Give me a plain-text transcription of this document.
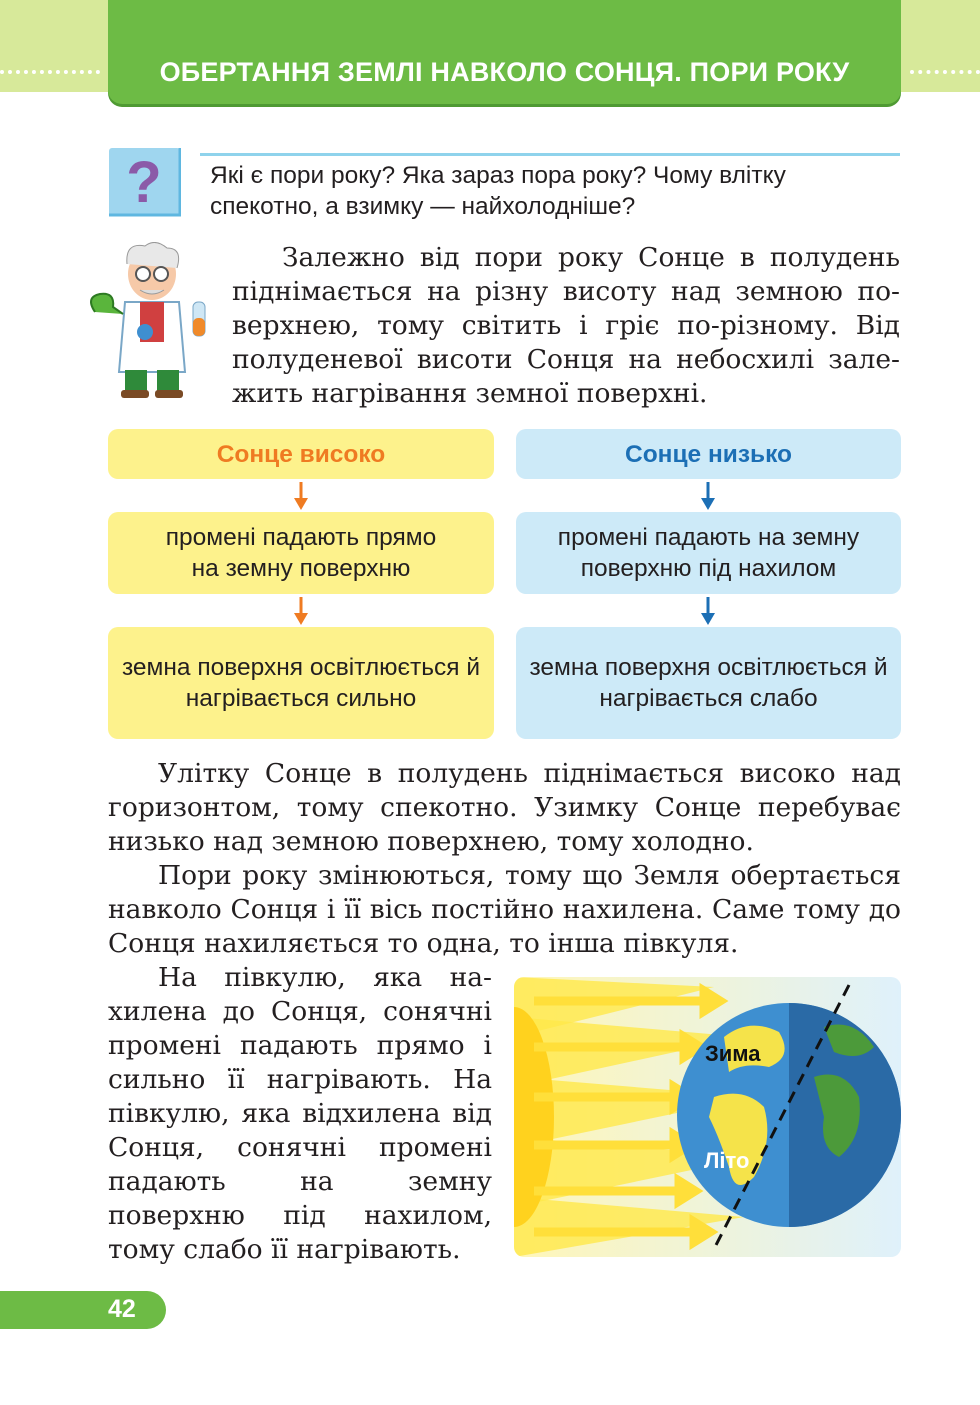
ОБЕРТАННЯ ЗЕМЛІ НАВКОЛО СОНЦЯ. ПОРИ РОКУ
? Які є пори року? Яка зараз пора року? Чому влітку спекотно, а взимку — найхолодніше?
Залежно від пори року Сонце в полудень піднімається на різну висоту над земною поверхнею, тому світить і гріє по-різному. Від полуденевої висоти Сонця на небосхилі залежить нагрівання земної поверхні.
Сонце високо
промені падають прямо на земну поверхню
земна поверхня освітлюється й нагрівається сильно
Сонце низько
промені падають на земну поверхню під нахилом
земна поверхня освітлюється й нагрівається слабо
Улітку Сонце в полудень піднімається високо над горизонтом, тому спекотно. Узимку Сонце перебуває низько над земною поверхнею, тому холодно.
Пори року змінюються, тому що Земля обертається навколо Сонця і її вісь постійно нахилена. Саме тому до Сонця нахиляється то одна, то інша півкуля.
На півкулю, яка нахилена до Сонця, сонячні промені падають прямо і сильно її нагрівають. На півкулю, яка відхилена від Сонця, сонячні промені падають на земну поверхню під нахилом, тому слабо її нагрівають.
Зима
Літо
42
